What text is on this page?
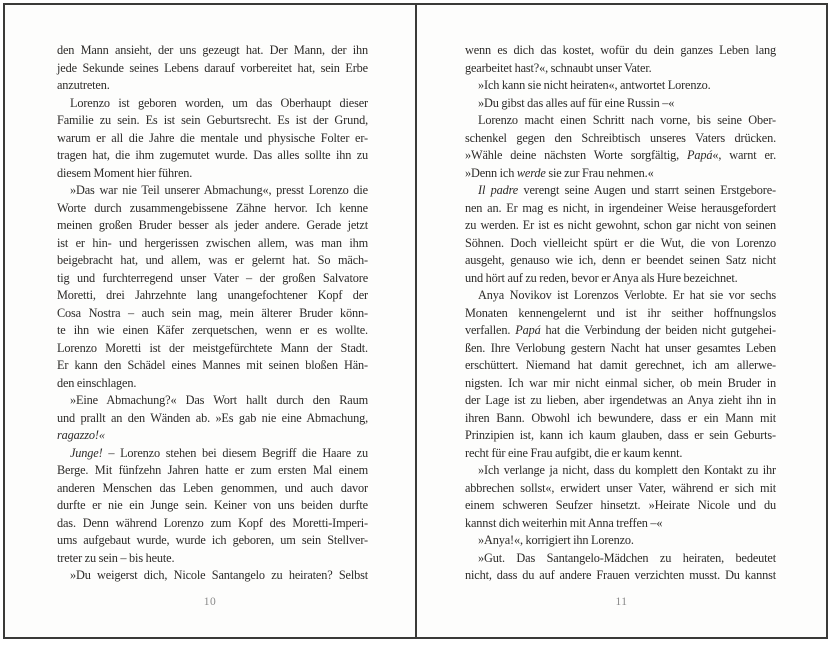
den Mann ansieht, der uns gezeugt hat. Der Mann, der ihn
jede Sekunde seines Lebens darauf vorbereitet hat, sein Erbe
anzutreten.
Lorenzo ist geboren worden, um das Oberhaupt dieser
Familie zu sein. Es ist sein Geburtsrecht. Es ist der Grund,
warum er all die Jahre die mentale und physische Folter er-
tragen hat, die ihm zugemutet wurde. Das alles sollte ihn zu
diesem Moment hier führen.
»Das war nie Teil unserer Abmachung«, presst Lorenzo die
Worte durch zusammengebissene Zähne hervor. Ich kenne
meinen großen Bruder besser als jeder andere. Gerade jetzt
ist er hin- und hergerissen zwischen allem, was man ihm
beigebracht hat, und allem, was er gelernt hat. So mäch-
tig und furchterregend unser Vater – der großen Salvatore
Moretti, drei Jahrzehnte lang unangefochtener Kopf der
Cosa Nostra – auch sein mag, mein älterer Bruder könn-
te ihn wie einen Käfer zerquetschen, wenn er es wollte.
Lorenzo Moretti ist der meistgefürchtete Mann der Stadt.
Er kann den Schädel eines Mannes mit seinen bloßen Hän-
den einschlagen.
»Eine Abmachung?« Das Wort hallt durch den Raum
und prallt an den Wänden ab. »Es gab nie eine Abmachung,
ragazzo!«
Junge! – Lorenzo stehen bei diesem Begriff die Haare zu
Berge. Mit fünfzehn Jahren hatte er zum ersten Mal einem
anderen Menschen das Leben genommen, und auch davor
durfte er nie ein Junge sein. Keiner von uns beiden durfte
das. Denn während Lorenzo zum Kopf des Moretti-Imperi-
ums aufgebaut wurde, wurde ich geboren, um sein Stellver-
treter zu sein – bis heute.
»Du weigerst dich, Nicole Santangelo zu heiraten? Selbst
10
wenn es dich das kostet, wofür du dein ganzes Leben lang
gearbeitet hast?«, schnaubt unser Vater.
»Ich kann sie nicht heiraten«, antwortet Lorenzo.
»Du gibst das alles auf für eine Russin –«
Lorenzo macht einen Schritt nach vorne, bis seine Ober-
schenkel gegen den Schreibtisch unseres Vaters drücken.
»Wähle deine nächsten Worte sorgfältig, Papá«, warnt er.
»Denn ich werde sie zur Frau nehmen.«
Il padre verengt seine Augen und starrt seinen Erstgebore-
nen an. Er mag es nicht, in irgendeiner Weise herausgefordert
zu werden. Er ist es nicht gewohnt, schon gar nicht von seinen
Söhnen. Doch vielleicht spürt er die Wut, die von Lorenzo
ausgeht, genauso wie ich, denn er beendet seinen Satz nicht
und hört auf zu reden, bevor er Anya als Hure bezeichnet.
Anya Novikov ist Lorenzos Verlobte. Er hat sie vor sechs
Monaten kennengelernt und ist ihr seither hoffnungslos
verfallen. Papá hat die Verbindung der beiden nicht gutgehei-
ßen. Ihre Verlobung gestern Nacht hat unser gesamtes Leben
erschüttert. Niemand hat damit gerechnet, ich am allerwe-
nigsten. Ich war mir nicht einmal sicher, ob mein Bruder in
der Lage ist zu lieben, aber irgendetwas an Anya zieht ihn in
ihren Bann. Obwohl ich bewundere, dass er ein Mann mit
Prinzipien ist, kann ich kaum glauben, dass er sein Geburts-
recht für eine Frau aufgibt, die er kaum kennt.
»Ich verlange ja nicht, dass du komplett den Kontakt zu ihr
abbrechen sollst«, erwidert unser Vater, während er sich mit
einem schweren Seufzer hinsetzt. »Heirate Nicole und du
kannst dich weiterhin mit Anna treffen –«
»Anya!«, korrigiert ihn Lorenzo.
»Gut. Das Santangelo-Mädchen zu heiraten, bedeutet
nicht, dass du auf andere Frauen verzichten musst. Du kannst
11
